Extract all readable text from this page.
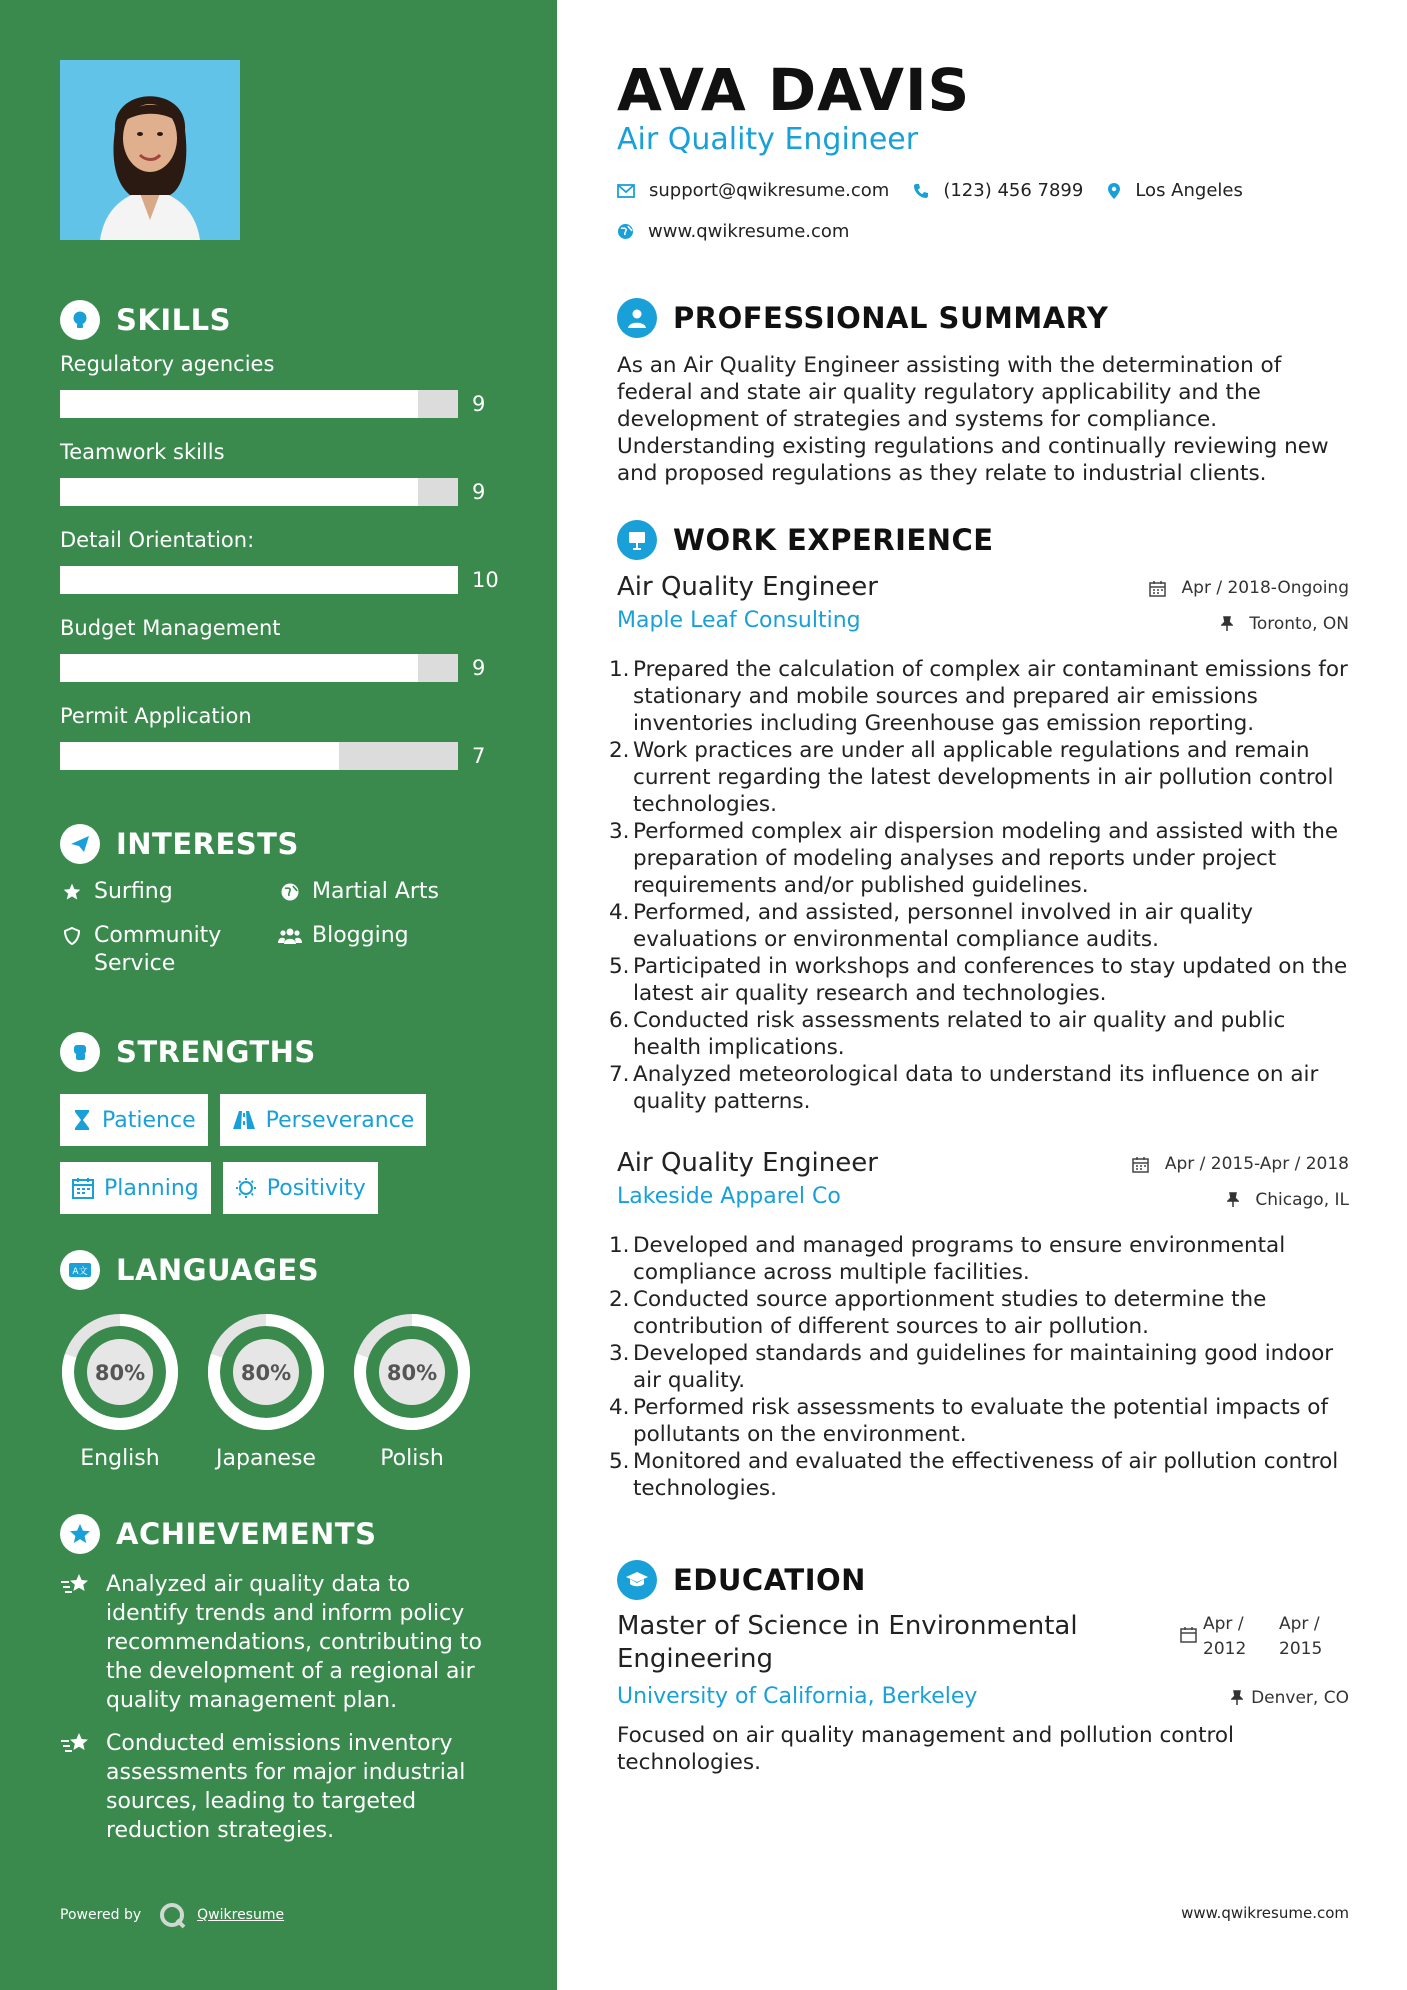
SKILLS
Regulatory agencies
9
Teamwork skills
9
Detail Orientation:
10
Budget Management
9
Permit Application
7
INTERESTS
Surfing	Martial Arts
Community Service
Blogging
STRENGTHS
Patience	Perseverance
Planning	Positivity
A文 LANGUAGES
80%
English
80%
Japanese
80%
Polish
ACHIEVEMENTS
Analyzed air quality data to identify trends and inform policy recommendations, contributing to the development of a regional air quality management plan.
Conducted emissions inventory assessments for major industrial sources, leading to targeted reduction strategies.
Powered by	Qwikresume
AVA DAVIS
Air Quality Engineer
support@qwikresume.com	(123) 456 7899	Los Angeles
www.qwikresume.com
PROFESSIONAL SUMMARY
As an Air Quality Engineer assisting with the determination of federal and state air quality regulatory applicability and the development of strategies and systems for compliance. Understanding existing regulations and continually reviewing new and proposed regulations as they relate to industrial clients.
WORK EXPERIENCE
Air Quality Engineer	Apr / 2018-Ongoing
Maple Leaf Consulting	Toronto, ON
1. Prepared the calculation of complex air contaminant emissions for stationary and mobile sources and prepared air emissions inventories including Greenhouse gas emission reporting.
2. Work practices are under all applicable regulations and remain current regarding the latest developments in air pollution control technologies.
3. Performed complex air dispersion modeling and assisted with the preparation of modeling analyses and reports under project requirements and/or published guidelines.
4. Performed, and assisted, personnel involved in air quality evaluations or environmental compliance audits.
5. Participated in workshops and conferences to stay updated on the latest air quality research and technologies.
6. Conducted risk assessments related to air quality and public health implications.
7. Analyzed meteorological data to understand its influence on air quality patterns.
Air Quality Engineer	Apr / 2015-Apr / 2018
Lakeside Apparel Co	Chicago, IL
1. Developed and managed programs to ensure environmental compliance across multiple facilities.
2. Conducted source apportionment studies to determine the contribution of different sources to air pollution.
3. Developed standards and guidelines for maintaining good indoor air quality.
4. Performed risk assessments to evaluate the potential impacts of pollutants on the environment.
5. Monitored and evaluated the effectiveness of air pollution control technologies.
EDUCATION
Master of Science in Environmental Engineering
Apr / 2012
Apr / 2015
University of California, Berkeley	Denver, CO
Focused on air quality management and pollution control technologies.
www.qwikresume.com
